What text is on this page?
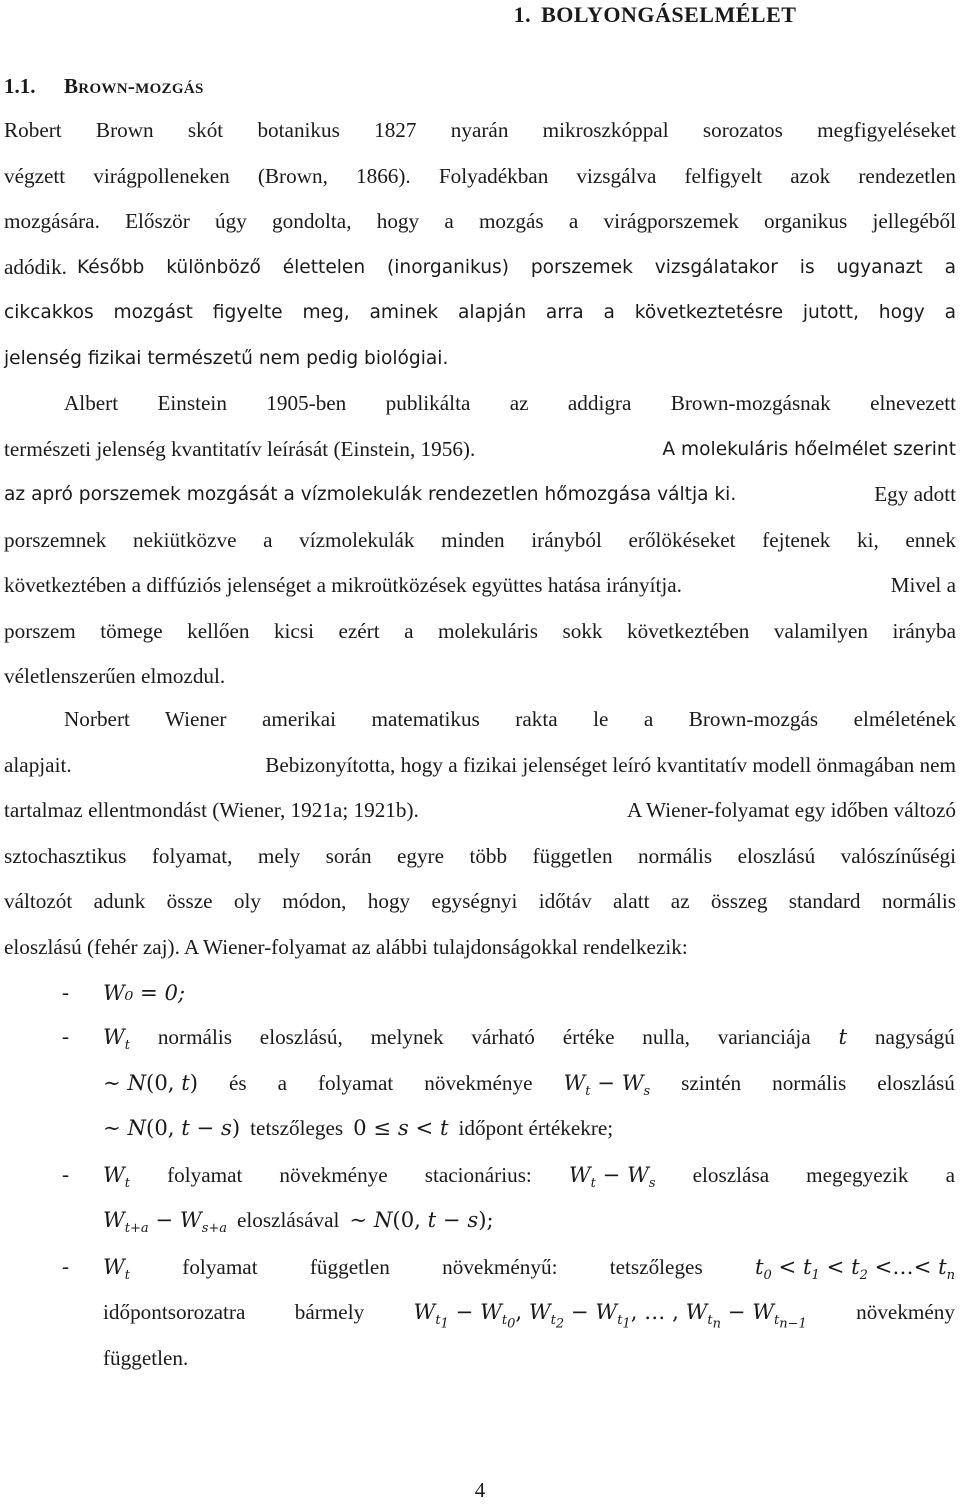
1. BOLYONGÁSELMÉLET
1.1. Brown-mozgás
Robert Brown skót botanikus 1827 nyarán mikroszkóppal sorozatos megfigyeléseket
végzett virágpolleneken (Brown, 1866). Folyadékban vizsgálva felfigyelt azok rendezetlen
mozgására. Először úgy gondolta, hogy a mozgás a virágporszemek organikus jellegéből
adódik. Később különböző élettelen (inorganikus) porszemek vizsgálatakor is ugyanazt a
cikcakkos mozgást figyelte meg, aminek alapján arra a következtetésre jutott, hogy a
jelenség fizikai természetű nem pedig biológiai.
Albert Einstein 1905-ben publikálta az addigra Brown-mozgásnak elnevezett
természeti jelenség kvantitatív leírását (Einstein, 1956).	A molekuláris hőelmélet szerint
az apró porszemek mozgását a vízmolekulák rendezetlen hőmozgása váltja ki.	Egy adott
porszemnek nekiütközve a vízmolekulák minden irányból erőlökéseket fejtenek ki, ennek
következtében a diffúziós jelenséget a mikroütközések együttes hatása irányítja.	Mivel a
porszem tömege kellően kicsi ezért a molekuláris sokk következtében valamilyen irányba
véletlenszerűen elmozdul.
Norbert Wiener amerikai matematikus rakta le a Brown-mozgás elméletének
alapjait.	Bebizonyította, hogy a fizikai jelenséget leíró kvantitatív modell önmagában nem
tartalmaz ellentmondást (Wiener, 1921a; 1921b).	A Wiener-folyamat egy időben változó
sztochasztikus folyamat, mely során egyre több független normális eloszlású valószínűségi
változót adunk össze oly módon, hogy egységnyi időtáv alatt az összeg standard normális
eloszlású (fehér zaj). A Wiener-folyamat az alábbi tulajdonságokkal rendelkezik:
- W₀ = 0;
- $W_t$ normális eloszlású, melynek várható értéke nulla, varianciája t nagyságú
∼ N(0, t) és a folyamat növekménye $W_t - W_s$ szintén normális eloszlású
∼ N(0, t − s) tetszőleges 0 ≤ s < t időpont értékekre;
- $W_t$ folyamat növekménye stacionárius: $W_t - W_s$ eloszlása megegyezik a
$W_{t+a} - W_{s+a}$ eloszlásával ∼ N(0, t − s);
- $W_t$ folyamat független növekményű: tetszőleges $t_0 < t_1 < t_2$ <…< $t_n$
időpontsorozatra bármely $W_{t_1} - W_{t_0}$, $W_{t_2} - W_{t_1}$, … , $W_{t_n} - W_{t_{n-1}}$
növekmény
független.
4
